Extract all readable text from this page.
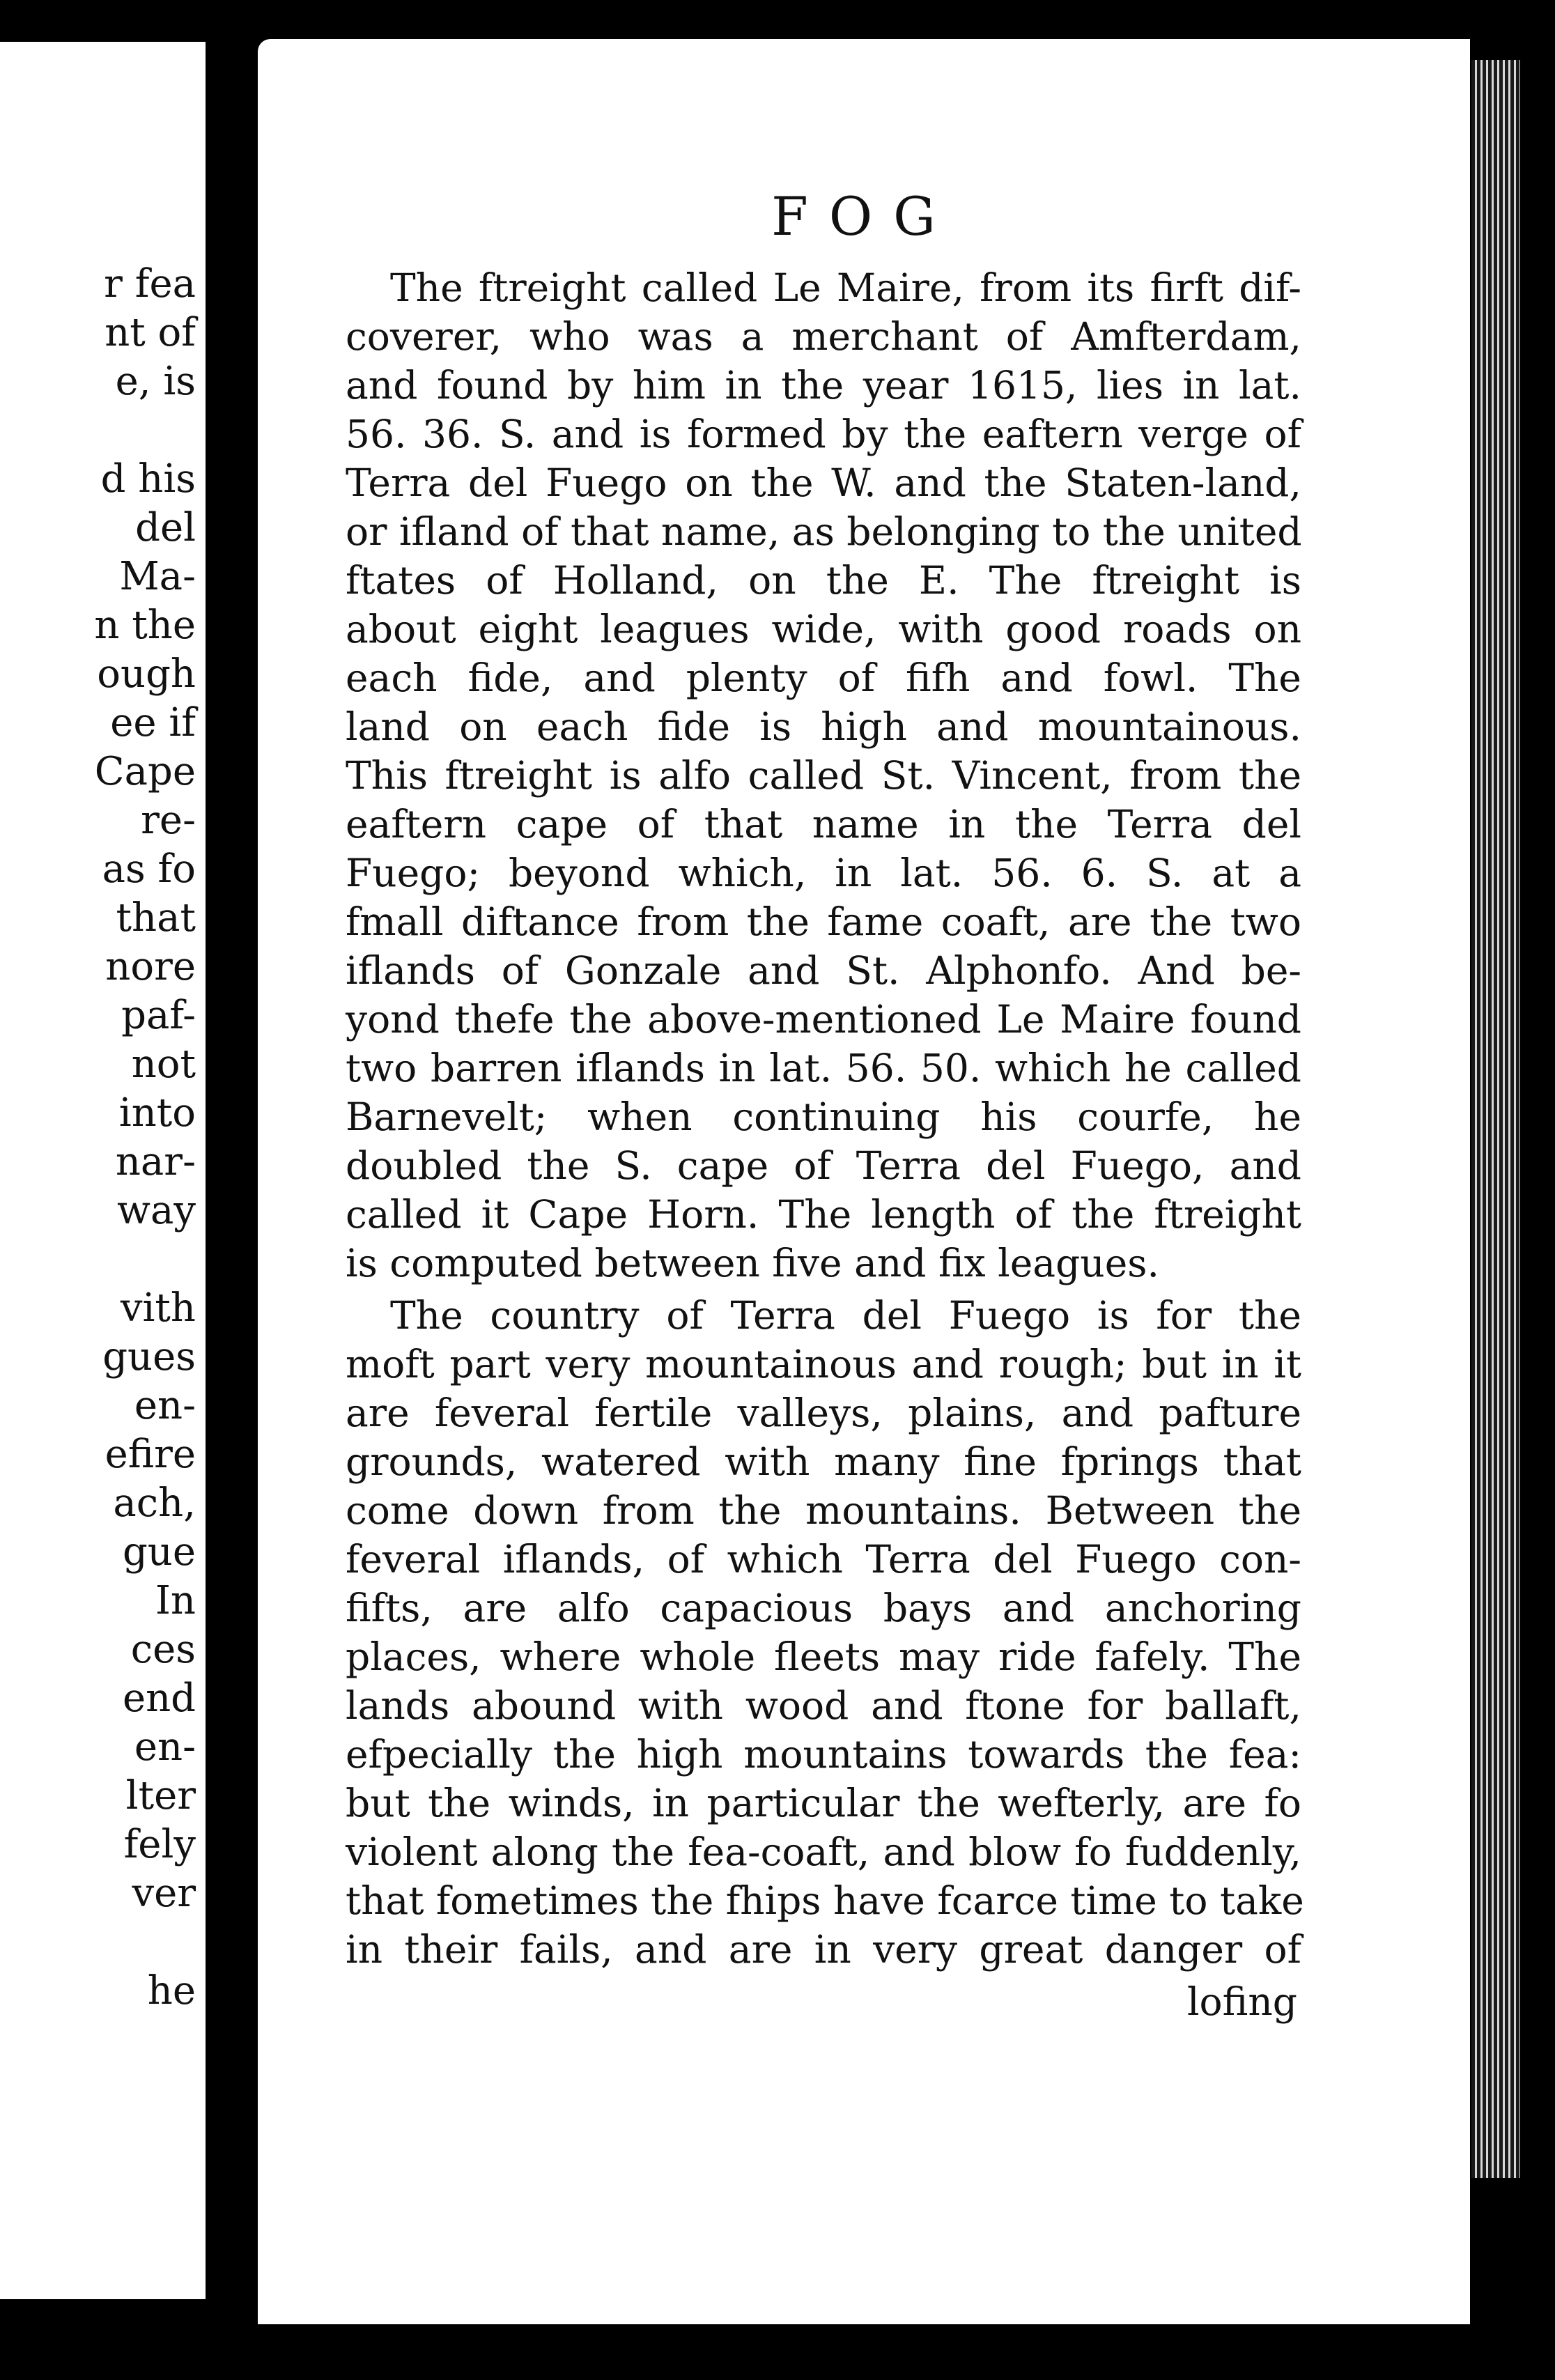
r fea
nt of
e, is
d his
del
Ma-
n the
ough
ee if
Cape
re-
as fo
that
nore
paf-
not
into
nar-
way
vith
gues
en-
efire
ach,
gue
In
ces
end
en-
lter
fely
ver
he
FOG
The ftreight called Le Maire, from its firft dif-
coverer, who was a merchant of Amfterdam,
and found by him in the year 1615, lies in lat.
56. 36. S. and is formed by the eaftern verge of
Terra del Fuego on the W. and the Staten-land,
or ifland of that name, as belonging to the united
ftates of Holland, on the E. The ftreight is
about eight leagues wide, with good roads on
each fide, and plenty of fifh and fowl. The
land on each fide is high and mountainous.
This ftreight is alfo called St. Vincent, from the
eaftern cape of that name in the Terra del
Fuego; beyond which, in lat. 56. 6. S. at a
fmall diftance from the fame coaft, are the two
iflands of Gonzale and St. Alphonfo. And be-
yond thefe the above-mentioned Le Maire found
two barren iflands in lat. 56. 50. which he called
Barnevelt; when continuing his courfe, he
doubled the S. cape of Terra del Fuego, and
called it Cape Horn. The length of the ftreight
is computed between five and fix leagues.
The country of Terra del Fuego is for the
moft part very mountainous and rough; but in it
are feveral fertile valleys, plains, and pafture
grounds, watered with many fine fprings that
come down from the mountains. Between the
feveral iflands, of which Terra del Fuego con-
fifts, are alfo capacious bays and anchoring
places, where whole fleets may ride fafely. The
lands abound with wood and ftone for ballaft,
efpecially the high mountains towards the fea:
but the winds, in particular the wefterly, are fo
violent along the fea-coaft, and blow fo fuddenly,
that fometimes the fhips have fcarce time to take
in their fails, and are in very great danger of
lofing
